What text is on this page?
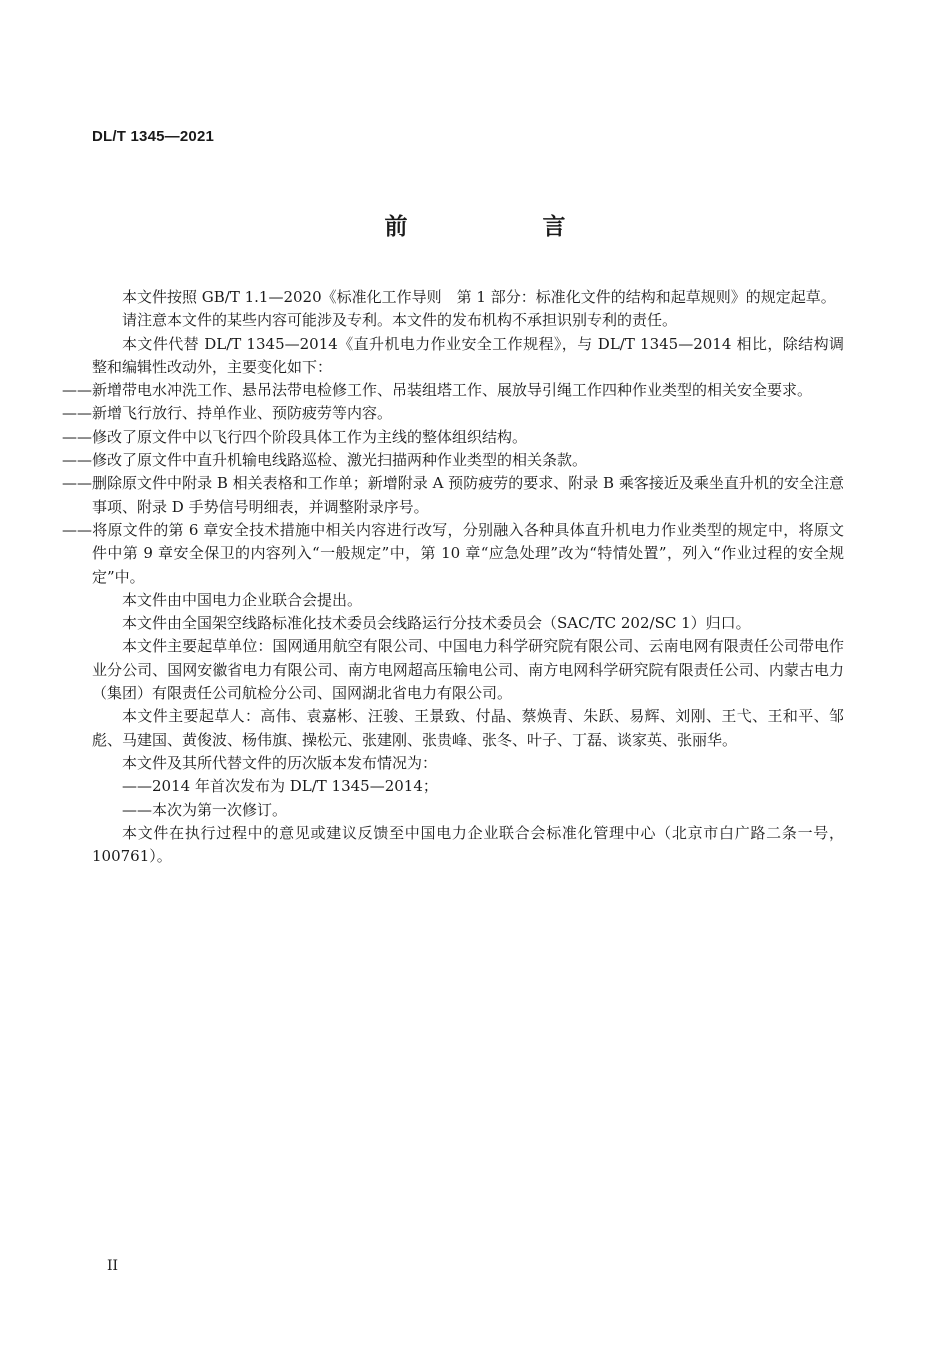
DL/T 1345—2021
前　言

本文件按照 GB/T 1.1—2020《标准化工作导则　第 1 部分：标准化文件的结构和起草规则》的规定起草。

请注意本文件的某些内容可能涉及专利。本文件的发布机构不承担识别专利的责任。

本文件代替 DL/T 1345—2014《直升机电力作业安全工作规程》，与 DL/T 1345—2014 相比，除结构调整和编辑性改动外，主要变化如下：

——新增带电水冲洗工作、悬吊法带电检修工作、吊装组塔工作、展放导引绳工作四种作业类型的相关安全要求。

——新增飞行放行、持单作业、预防疲劳等内容。

——修改了原文件中以飞行四个阶段具体工作为主线的整体组织结构。

——修改了原文件中直升机输电线路巡检、激光扫描两种作业类型的相关条款。

——删除原文件中附录 B 相关表格和工作单；新增附录 A 预防疲劳的要求、附录 B 乘客接近及乘坐直升机的安全注意事项、附录 D 手势信号明细表，并调整附录序号。

——将原文件的第 6 章安全技术措施中相关内容进行改写，分别融入各种具体直升机电力作业类型的规定中，将原文件中第 9 章安全保卫的内容列入“一般规定”中，第 10 章“应急处理”改为“特情处置”，列入“作业过程的安全规定”中。

本文件由中国电力企业联合会提出。

本文件由全国架空线路标准化技术委员会线路运行分技术委员会（SAC/TC 202/SC 1）归口。

本文件主要起草单位：国网通用航空有限公司、中国电力科学研究院有限公司、云南电网有限责任公司带电作业分公司、国网安徽省电力有限公司、南方电网超高压输电公司、南方电网科学研究院有限责任公司、内蒙古电力（集团）有限责任公司航检分公司、国网湖北省电力有限公司。

本文件主要起草人：高伟、袁嘉彬、汪骏、王景致、付晶、蔡焕青、朱跃、易辉、刘刚、王弋、王和平、邹彪、马建国、黄俊波、杨伟旗、操松元、张建刚、张贵峰、张冬、叶子、丁磊、谈家英、张丽华。

本文件及其所代替文件的历次版本发布情况为：

——2014 年首次发布为 DL/T 1345—2014；

——本次为第一次修订。

本文件在执行过程中的意见或建议反馈至中国电力企业联合会标准化管理中心（北京市白广路二条一号，100761）。

II
